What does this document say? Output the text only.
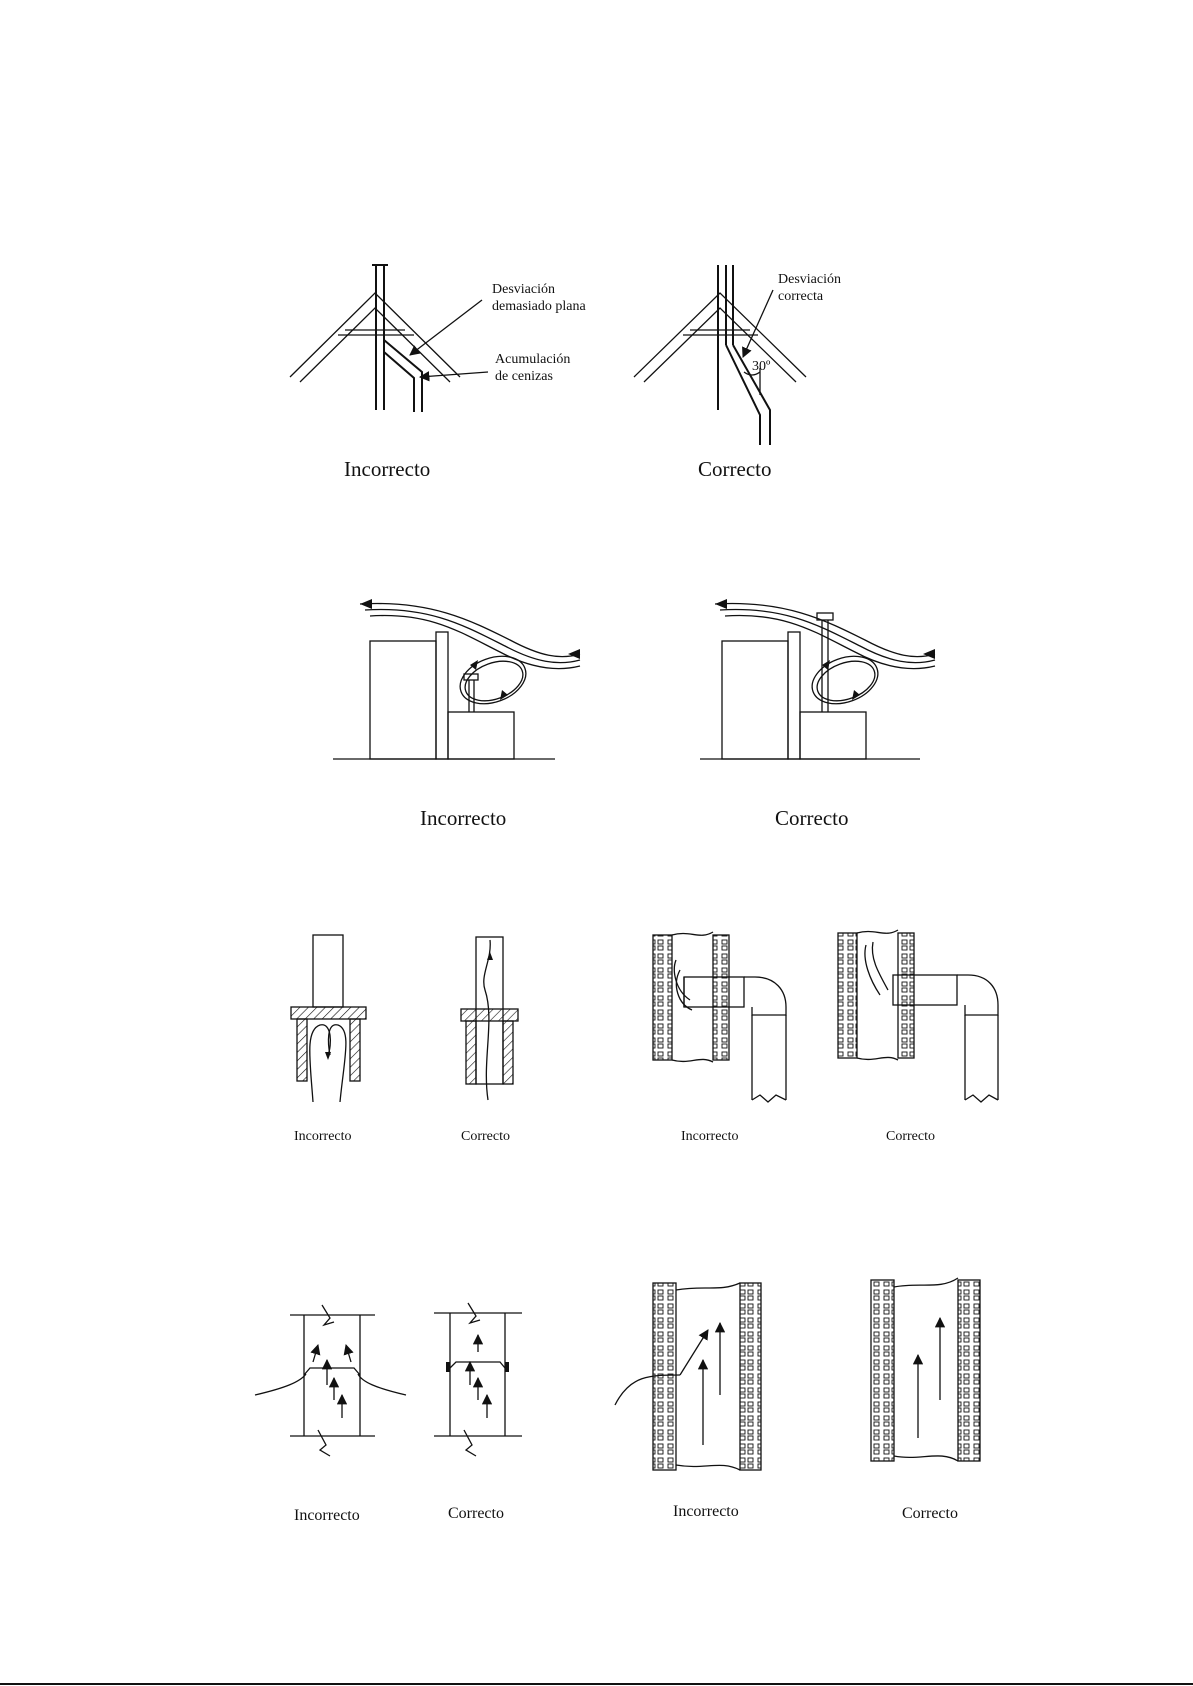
Desviación
demasiado plana
Acumulación
de cenizas
Incorrecto
Desviación
correcta
30º
Correcto
Incorrecto	Correcto
Incorrecto	Correcto	Incorrecto	Correcto
Incorrecto	Correcto	Incorrecto	Correcto
